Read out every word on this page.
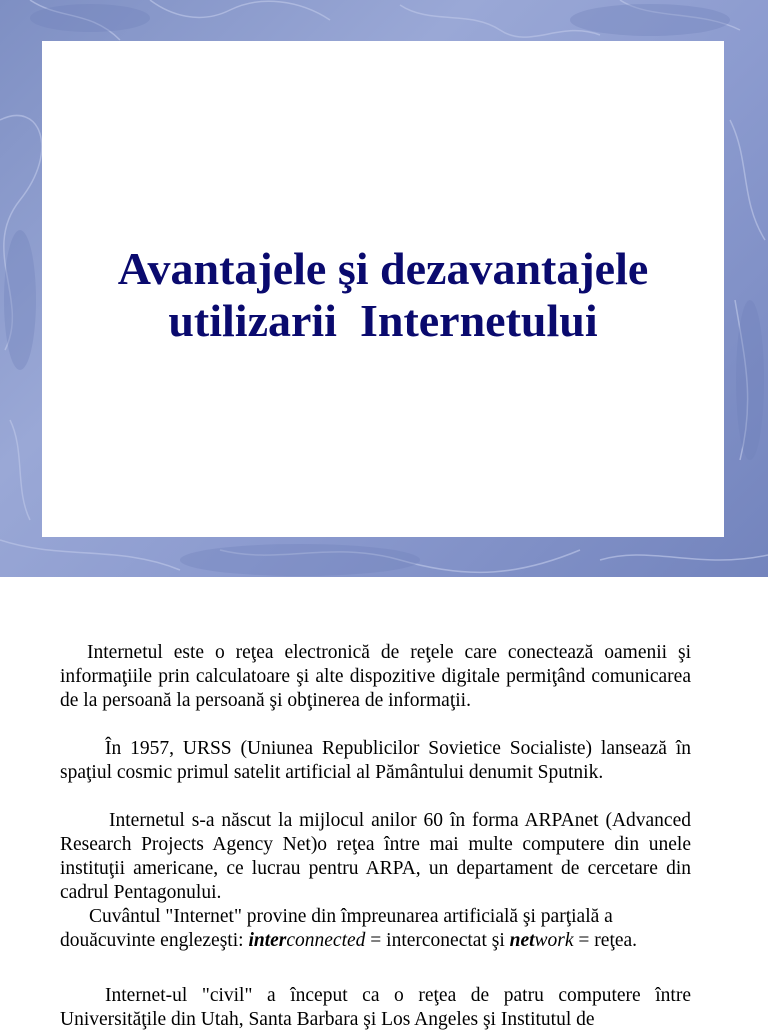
Avantajele şi dezavantajele
utilizarii  Internetului

Internetul este o reţea electronică de reţele care conectează oamenii şi informaţiile prin calculatoare şi alte dispozitive digitale permiţând comunicarea de la persoană la persoană şi obţinerea de informaţii.

În 1957, URSS (Uniunea Republicilor Sovietice Socialiste) lansează în spaţiul cosmic primul satelit artificial al Pământului denumit Sputnik.

Internetul s-a născut la mijlocul anilor 60 în forma ARPAnet (Advanced Research Projects Agency Net)o reţea între mai multe computere din unele instituţii americane, ce lucrau pentru ARPA, un departament de cercetare din cadrul Pentagonului.

Cuvântul "Internet" provine din împreunarea artificială şi parţială a douăcuvinte englezeşti: interconnected = interconectat şi network = reţea.

Internet-ul "civil" a început ca o reţea de patru computere între Universităţile din Utah, Santa Barbara şi Los Angeles şi Institutul de
